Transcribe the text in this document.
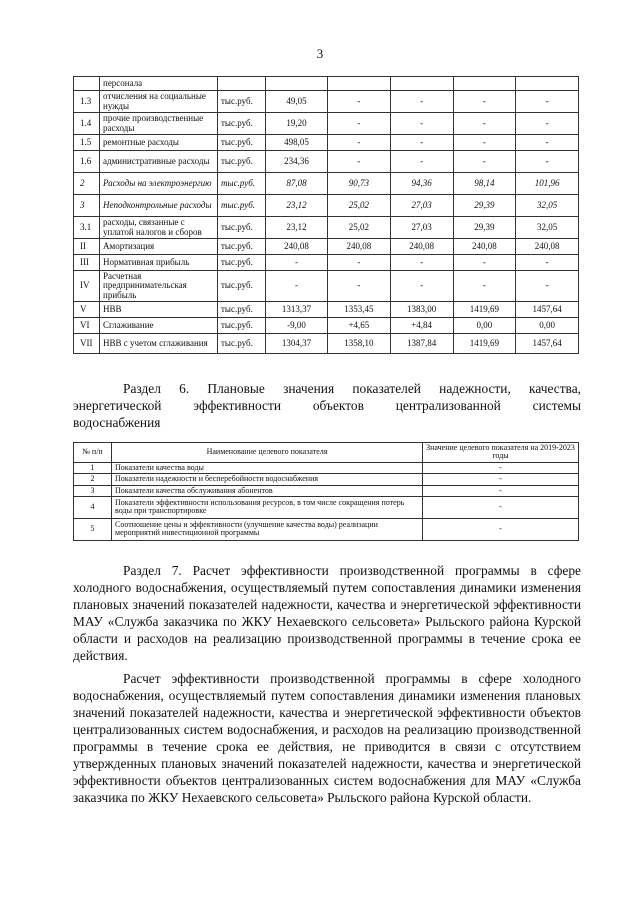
3
	персонала						
1.3	отчисления на социальные нужды	тыс.руб.	49,05	-	-	-	-
1.4	прочие производственные расходы	тыс.руб.	19,20	-	-	-	-
1.5	ремонтные расходы	тыс.руб.	498,05	-	-	-	-
1.6	административные расходы	тыс.руб.	234,36	-	-	-	-
2	Расходы на электроэнергию	тыс.руб.	87,08	90,73	94,36	98,14	101,96
3	Неподконтрольные расходы	тыс.руб.	23,12	25,02	27,03	29,39	32,05
3.1	расходы, связанные с уплатой налогов и сборов	тыс.руб.	23,12	25,02	27,03	29,39	32,05
II	Амортизация	тыс.руб.	240,08	240,08	240,08	240,08	240,08
III	Нормативная прибыль	тыс.руб.	-	-	-	-	-
IV	Расчетная предпринимательская прибыль	тыс.руб.	-	-	-	-	-
V	НВВ	тыс.руб.	1313,37	1353,45	1383,00	1419,69	1457,64
VI	Сглаживание	тыс.руб.	-9,00	+4,65	+4,84	0,00	0,00
VII	НВВ с учетом сглаживания	тыс.руб.	1304,37	1358,10	1387,84	1419,69	1457,64
Раздел 6. Плановые значения показателей надежности, качества,
энергетической эффективности объектов централизованной системы
водоснабжения
№ п/п	Наименование целевого показателя	Значение целевого показателя на 2019-2023 годы
1	Показатели качества воды	-
2	Показатели надежности и бесперебойности водоснабжения	-
3	Показатели качества обслуживания абонентов	-
4	Показатели эффективности использования ресурсов, в том числе сокращения потерь воды при транспортировке	-
5	Соотношение цены и эффективности (улучшение качества воды) реализации мероприятий инвестиционной программы	-
Раздел 7. Расчет эффективности производственной программы в сфере холодного водоснабжения, осуществляемый путем сопоставления динамики изменения плановых значений показателей надежности, качества и энергетической эффективности МАУ «Служба заказчика по ЖКУ Нехаевского сельсовета» Рыльского района Курской области и расходов на реализацию производственной программы в течение срока ее действия.
Расчет эффективности производственной программы в сфере холодного водоснабжения, осуществляемый путем сопоставления динамики изменения плановых значений показателей надежности, качества и энергетической эффективности объектов централизованных систем водоснабжения, и расходов на реализацию производственной программы в течение срока ее действия, не приводится в связи с отсутствием утвержденных плановых значений показателей надежности, качества и энергетической эффективности объектов централизованных систем водоснабжения для МАУ «Служба заказчика по ЖКУ Нехаевского сельсовета» Рыльского района Курской области.
